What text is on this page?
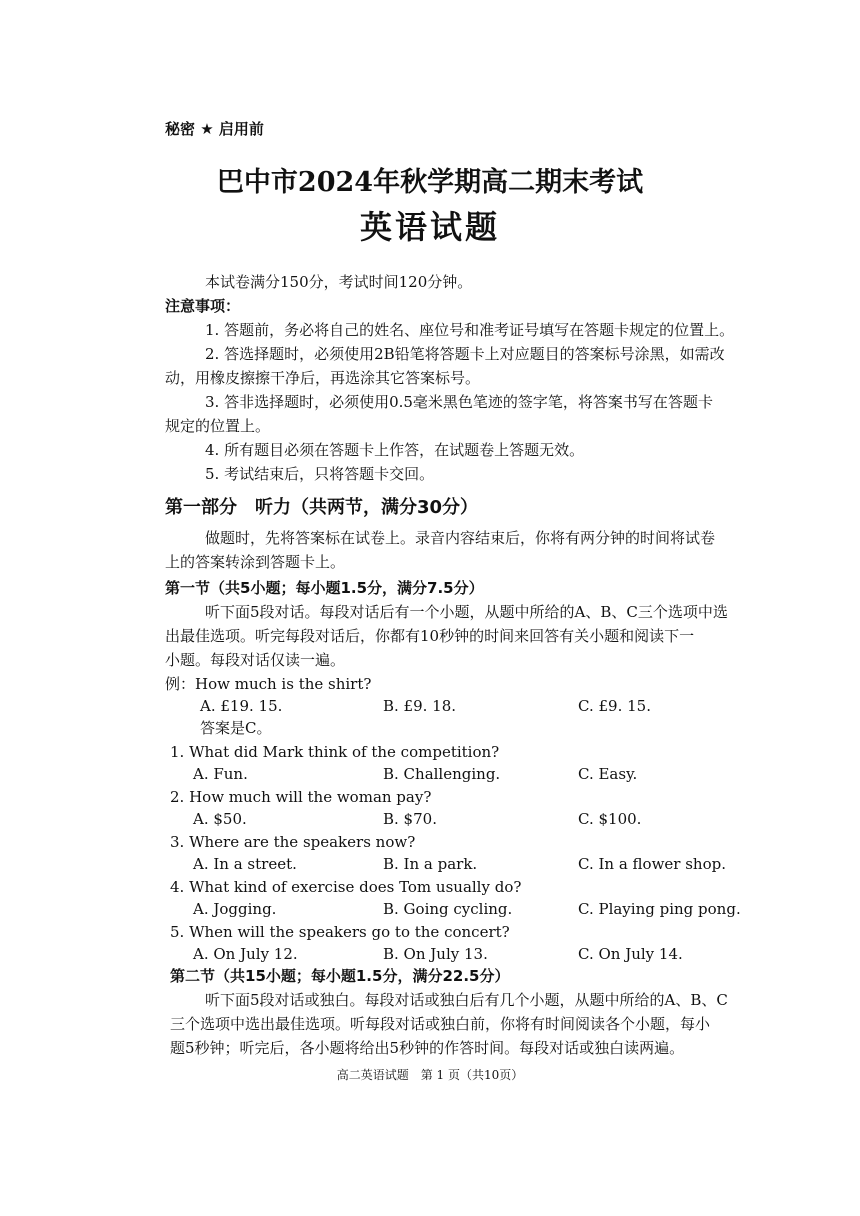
秘密 ★ 启用前
巴中市2024年秋学期高二期末考试
英语试题
本试卷满分150分，考试时间120分钟。
注意事项：
1. 答题前，务必将自己的姓名、座位号和准考证号填写在答题卡规定的位置上。
2. 答选择题时，必须使用2B铅笔将答题卡上对应题目的答案标号涂黑，如需改
动，用橡皮擦擦干净后，再选涂其它答案标号。
3. 答非选择题时，必须使用0.5毫米黑色笔迹的签字笔，将答案书写在答题卡
规定的位置上。
4. 所有题目必须在答题卡上作答，在试题卷上答题无效。
5. 考试结束后，只将答题卡交回。
第一部分　听力（共两节，满分30分）
做题时，先将答案标在试卷上。录音内容结束后，你将有两分钟的时间将试卷
上的答案转涂到答题卡上。
第一节（共5小题；每小题1.5分，满分7.5分）
听下面5段对话。每段对话后有一个小题，从题中所给的A、B、C三个选项中选
出最佳选项。听完每段对话后，你都有10秒钟的时间来回答有关小题和阅读下一
小题。每段对话仅读一遍。
例：How much is the shirt?
A. £19. 15.	B. £9. 18.	C. £9. 15.
答案是C。
1. What did Mark think of the competition?
A. Fun.	B. Challenging.	C. Easy.
2. How much will the woman pay?
A. $50.	B. $70.	C. $100.
3. Where are the speakers now?
A. In a street.	B. In a park.	C. In a flower shop.
4. What kind of exercise does Tom usually do?
A. Jogging.	B. Going cycling.	C. Playing ping pong.
5. When will the speakers go to the concert?
A. On July 12.	B. On July 13.	C. On July 14.
第二节（共15小题；每小题1.5分，满分22.5分）
听下面5段对话或独白。每段对话或独白后有几个小题，从题中所给的A、B、C
三个选项中选出最佳选项。听每段对话或独白前，你将有时间阅读各个小题，每小
题5秒钟；听完后，各小题将给出5秒钟的作答时间。每段对话或独白读两遍。
高二英语试题　第 1 页（共10页）
